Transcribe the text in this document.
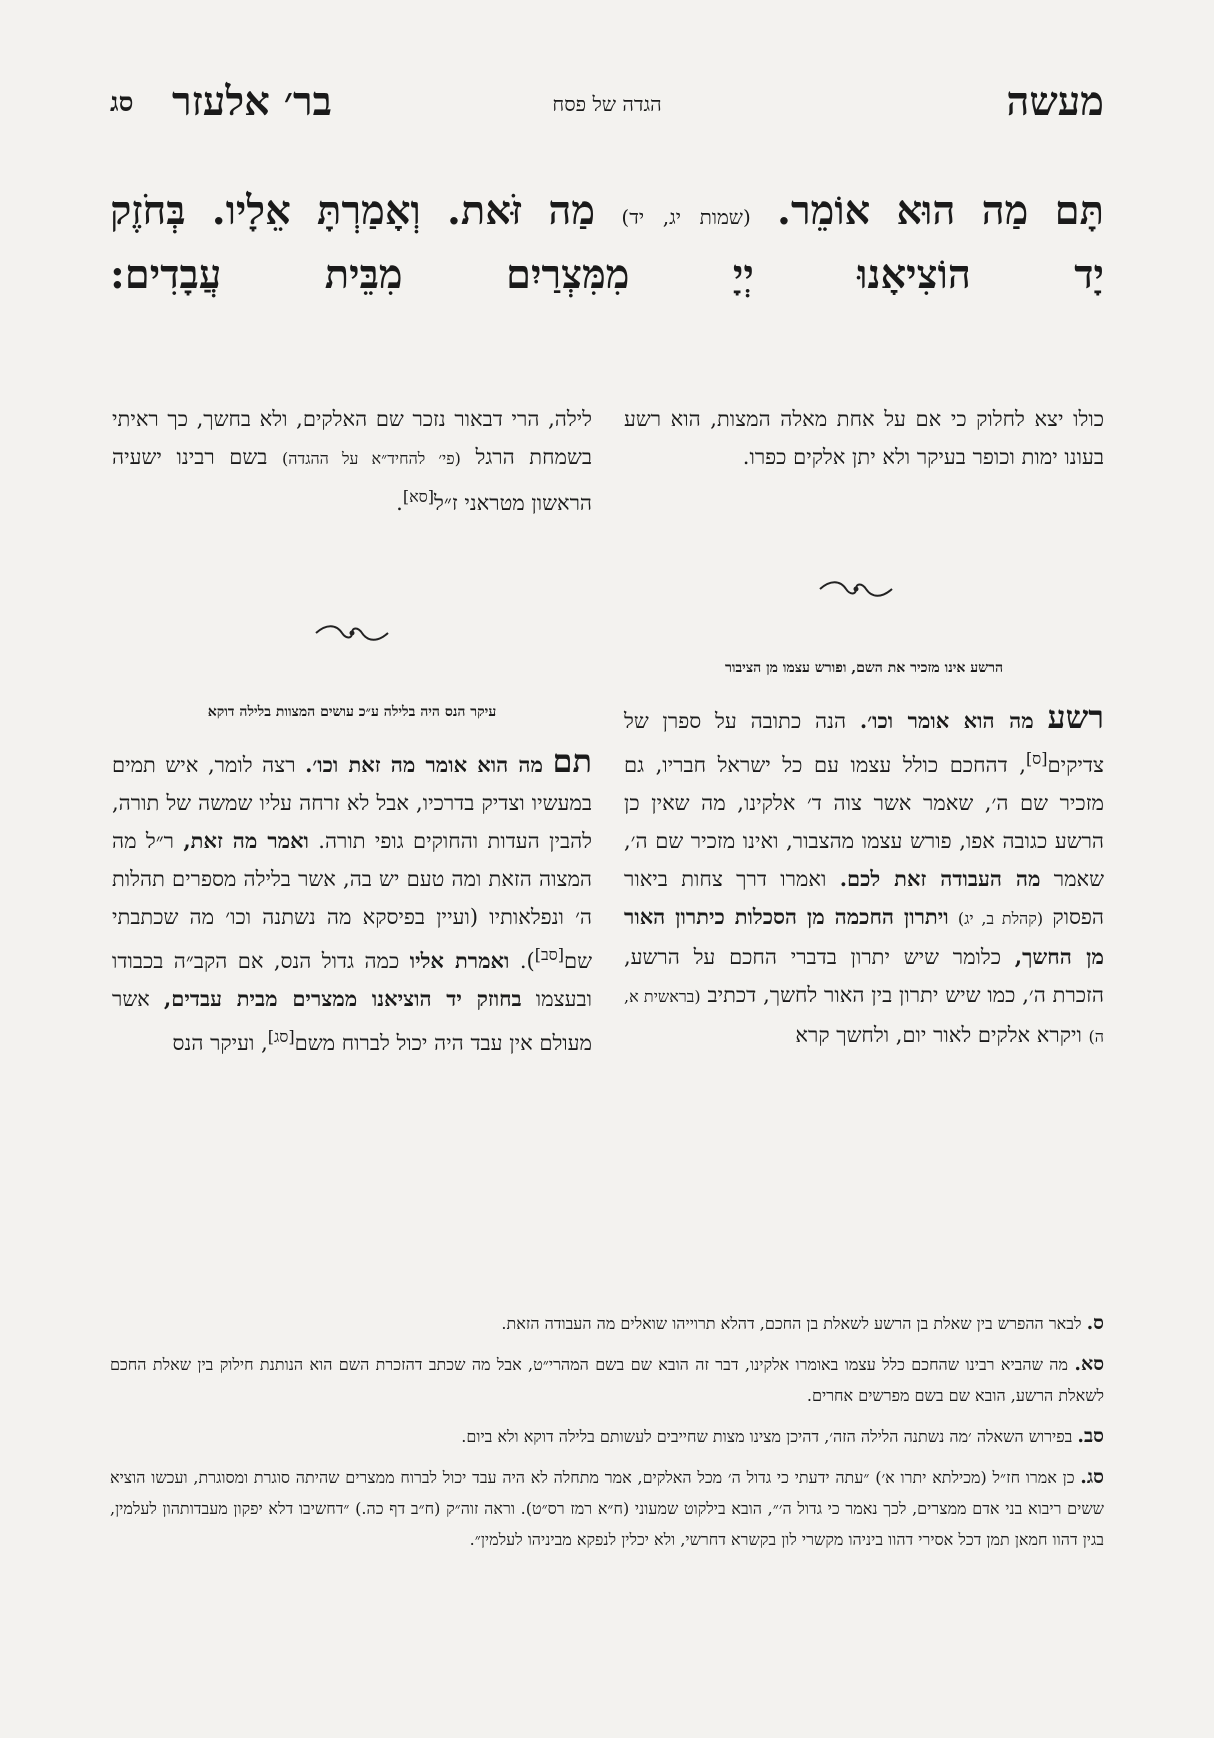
מעשה
הגדה של פסח
בר׳ אלעזר
סג
תָּם מַה הוּא אוֹמֵר. (שמות יג, יד) מַה זֹּאת. וְאָמַרְתָּ אֵלָיו. בְּחֹזֶק
יָד הוֹצִיאָנוּ יְיָ מִמִּצְרַיִם מִבֵּית עֲבָדִים:

כולו יצא לחלוק כי אם על אחת מאלה המצות, הוא רשע בעונו ימות וכופר בעיקר ולא יתן אלקים כפרו.

הרשע אינו מזכיר את השם, ופורש עצמו מן הציבור

רשע מה הוא אומר וכו׳. הנה כתובה על ספרן של צדיקים[ס], דהחכם כולל עצמו עם כל ישראל חבריו, גם מזכיר שם ה׳, שאמר אשר צוה ד׳ אלקינו, מה שאין כן הרשע כגובה אפו, פורש עצמו מהצבור, ואינו מזכיר שם ה׳, שאמר מה העבודה זאת לכם. ואמרו דרך צחות ביאור הפסוק (קהלת ב, יג) ויתרון החכמה מן הסכלות כיתרון האור מן החשך, כלומר שיש יתרון בדברי החכם על הרשע, הזכרת ה׳, כמו שיש יתרון בין האור לחשך, דכתיב (בראשית א, ה) ויקרא אלקים לאור יום, ולחשך קרא

לילה, הרי דבאור נזכר שם האלקים, ולא בחשך, כך ראיתי בשמחת הרגל (פי׳ להחיד״א על ההגדה) בשם רבינו ישעיה הראשון מטראני ז״ל[סא].

עיקר הנס היה בלילה ע״כ עושים המצוות בלילה דוקא

תם מה הוא אומר מה זאת וכו׳. רצה לומר, איש תמים במעשיו וצדיק בדרכיו, אבל לא זרחה עליו שמשה של תורה, להבין העדות והחוקים גופי תורה. ואמר מה זאת, ר״ל מה המצוה הזאת ומה טעם יש בה, אשר בלילה מספרים תהלות ה׳ ונפלאותיו (ועיין בפיסקא מה נשתנה וכו׳ מה שכתבתי שם[סב]). ואמרת אליו כמה גדול הנס, אם הקב״ה בכבודו ובעצמו בחוזק יד הוציאנו ממצרים מבית עבדים, אשר מעולם אין עבד היה יכול לברוח משם[סג], ועיקר הנס

ס. לבאר ההפרש בין שאלת בן הרשע לשאלת בן החכם, דהלא תרוייהו שואלים מה העבודה הזאת.

סא. מה שהביא רבינו שהחכם כלל עצמו באומרו אלקינו, דבר זה הובא שם בשם המהרי״ט, אבל מה שכתב דהזכרת השם הוא הנותנת חילוק בין שאלת החכם לשאלת הרשע, הובא שם בשם מפרשים אחרים.

סב. בפירוש השאלה ׳מה נשתנה הלילה הזה׳, דהיכן מצינו מצות שחייבים לעשותם בלילה דוקא ולא ביום.

סג. כן אמרו חז״ל (מכילתא יתרו א׳) ״עתה ידעתי כי גדול ה׳ מכל האלקים, אמר מתחלה לא היה עבד יכול לברוח ממצרים שהיתה סוגרת ומסוגרת, ועכשו הוציא ששים ריבוא בני אדם ממצרים, לכך נאמר כי גדול ה׳״, הובא בילקוט שמעוני (ח״א רמז רס״ט). וראה זוה״ק (ח״ב דף כה.) ״דחשיבו דלא יפקון מעבדותהון לעלמין, בגין דהוו חמאן תמן דכל אסירי דהוו ביניהו מקשרי לון בקשרא דחרשי, ולא יכלין לנפקא מביניהו לעלמין״.
